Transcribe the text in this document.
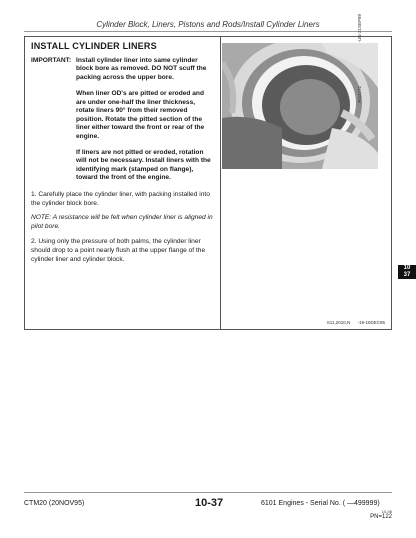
Cylinder Block, Liners, Pistons and Rods/Install Cylinder Liners
INSTALL CYLINDER LINERS
IMPORTANT: Install cylinder liner into same cylinder block bore as removed. DO NOT scuff the packing across the upper bore.

When liner OD's are pitted or eroded and are under one-half the liner thickness, rotate liners 90° from their removed position. Rotate the pitted section of the liner either toward the front or rear of the engine.

If liners are not pitted or eroded, rotation will not be necessary. Install liners with the identifying mark (stamped on flange), toward the front of the engine.

1. Carefully place the cylinder liner, with packing installed into the cylinder block bore.

NOTE: A resistance will be felt when cylinder liner is aligned in pilot bore.

2. Using only the pressure of both palms, the cylinder liner should drop to a point nearly flush at the upper flange of the cylinder liner and cylinder block.

S11,2010,N -19-16DEC95
-UN-21SEP89
RG3772
10
37
CTM20 (20NOV95)	10-37	6101 Engines - Serial No. ( —499999)
10-98
PN=122
